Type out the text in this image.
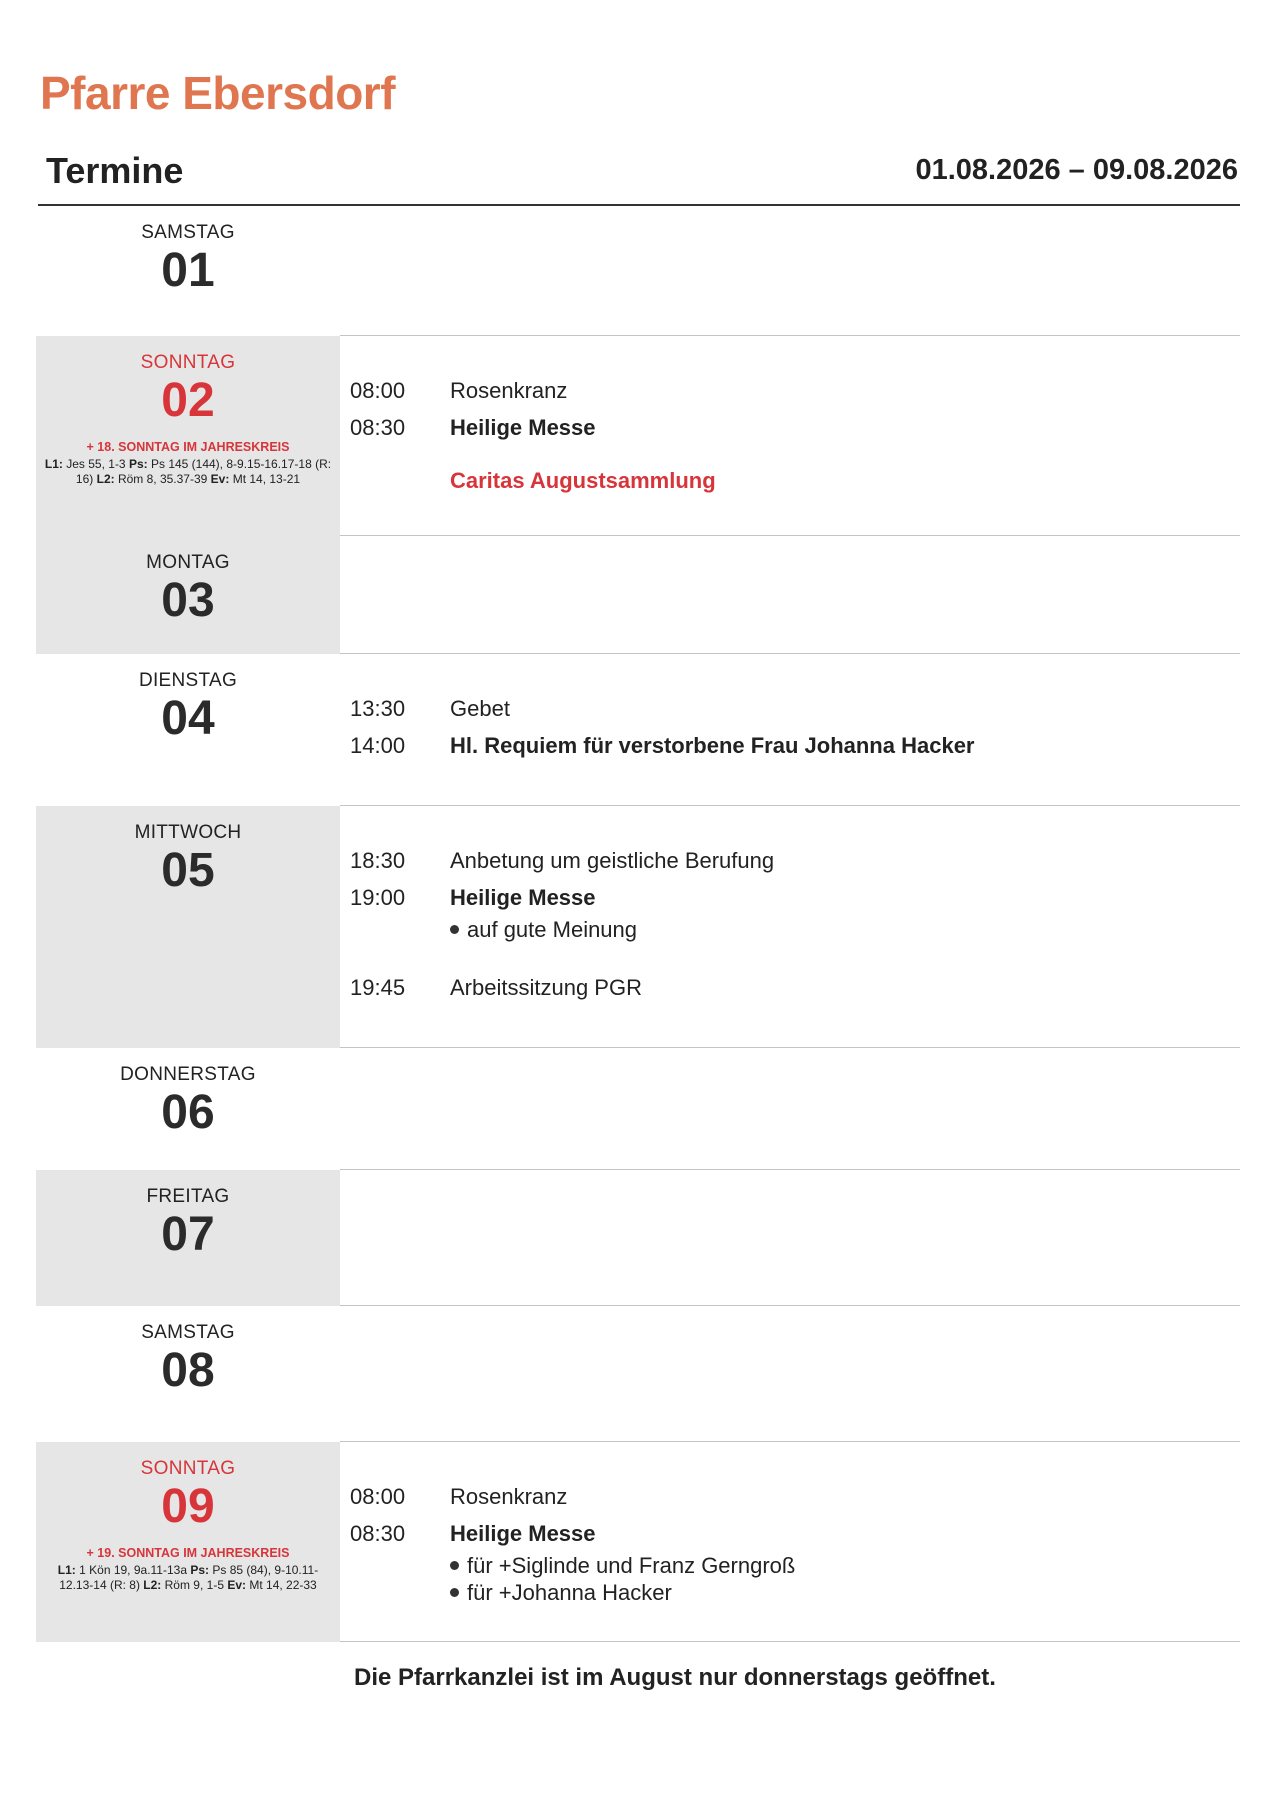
Pfarre Ebersdorf
Termine	01.08.2026 – 09.08.2026
SAMSTAG
01
SONNTAG
02
+ 18. SONNTAG IM JAHRESKREIS
L1: Jes 55, 1-3 Ps: Ps 145 (144), 8-9.15-16.17-18 (R: 16) L2: Röm 8, 35.37-39 Ev: Mt 14, 13-21
08:00	Rosenkranz
08:30	Heilige Messe
Caritas Augustsammlung
MONTAG
03
DIENSTAG
04	13:30	Gebet
14:00	Hl. Requiem für verstorbene Frau Johanna Hacker
MITTWOCH
05	18:30	Anbetung um geistliche Berufung
19:00	Heilige Messe
auf gute Meinung
19:45	Arbeitssitzung PGR
DONNERSTAG
06
FREITAG
07
SAMSTAG
08
SONNTAG
09
+ 19. SONNTAG IM JAHRESKREIS
L1: 1 Kön 19, 9a.11-13a Ps: Ps 85 (84), 9-10.11-12.13-14 (R: 8) L2: Röm 9, 1-5 Ev: Mt 14, 22-33
08:00	Rosenkranz
08:30	Heilige Messe
für +Siglinde und Franz Gerngroß
für +Johanna Hacker
Die Pfarrkanzlei ist im August nur donnerstags geöffnet.
